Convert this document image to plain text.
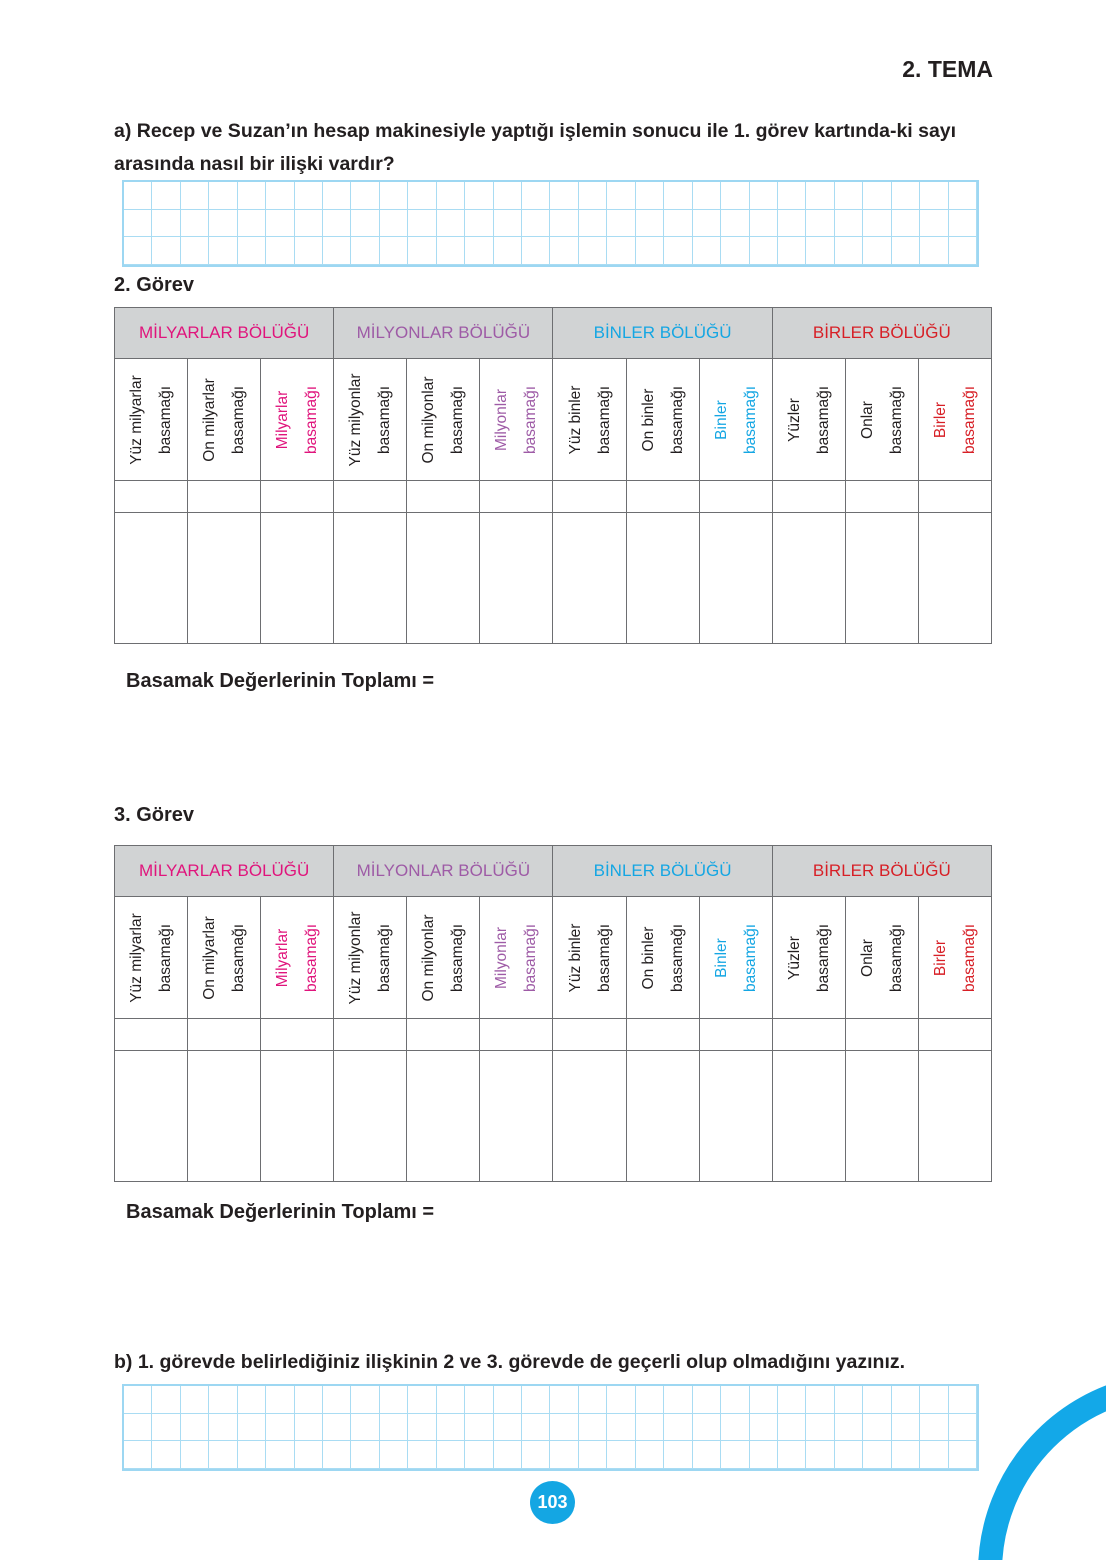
2. TEMA
a) Recep ve Suzan’ın hesap makinesiyle yaptığı işlemin sonucu ile 1. görev kartında-ki sayı arasında nasıl bir ilişki vardır?
2. Görev
MİLYARLAR BÖLÜĞÜ			MİLYONLAR BÖLÜĞÜ			BİNLER BÖLÜĞÜ			BİRLER BÖLÜĞÜ		

Yüz milyarlar basamağı	On milyarlar basamağı	Milyarlar basamağı	Yüz milyonlar basamağı	On milyonlar basamağı	Milyonlar basamağı	Yüz binler basamağı	On binler basamağı	Binler basamağı	Yüzler basamağı	Onlar basamağı	Birler basamağı

Basamak Değerlerinin Toplamı =
3. Görev
MİLYARLAR BÖLÜĞÜ			MİLYONLAR BÖLÜĞÜ			BİNLER BÖLÜĞÜ			BİRLER BÖLÜĞÜ		

Yüz milyarlar basamağı	On milyarlar basamağı	Milyarlar basamağı	Yüz milyonlar basamağı	On milyonlar basamağı	Milyonlar basamağı	Yüz binler basamağı	On binler basamağı	Binler basamağı	Yüzler basamağı	Onlar basamağı	Birler basamağı

Basamak Değerlerinin Toplamı =
b) 1. görevde belirlediğiniz ilişkinin 2 ve 3. görevde de geçerli olup olmadığını yazınız.
103
